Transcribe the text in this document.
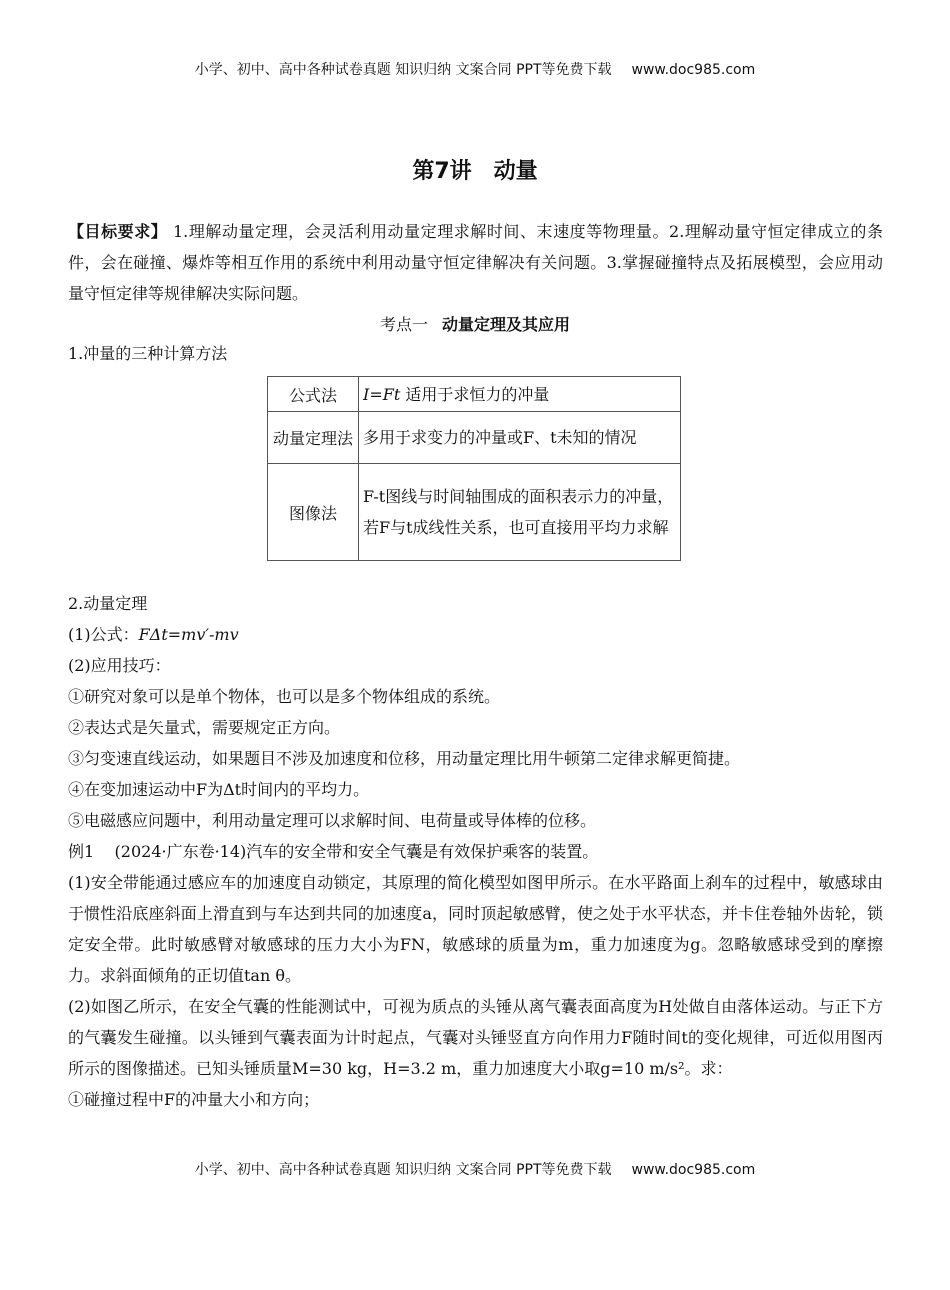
小学、初中、高中各种试卷真题 知识归纳 文案合同 PPT等免费下载 www.doc985.com
第7讲 动量
【目标要求】 1.理解动量定理，会灵活利用动量定理求解时间、末速度等物理量。2.理解动量守恒定律成立的条件，会在碰撞、爆炸等相互作用的系统中利用动量守恒定律解决有关问题。3.掌握碰撞特点及拓展模型，会应用动量守恒定律等规律解决实际问题。
考点一 动量定理及其应用
1.冲量的三种计算方法
公式法	I=Ft 适用于求恒力的冲量
动量定理法	多用于求变力的冲量或F、t未知的情况
图像法	F-t图线与时间轴围成的面积表示力的冲量，若F与t成线性关系，也可直接用平均力求解
2.动量定理
(1)公式：FΔt=mv′-mv
(2)应用技巧：
①研究对象可以是单个物体，也可以是多个物体组成的系统。
②表达式是矢量式，需要规定正方向。
③匀变速直线运动，如果题目不涉及加速度和位移，用动量定理比用牛顿第二定律求解更简捷。
④在变加速运动中F为Δt时间内的平均力。
⑤电磁感应问题中，利用动量定理可以求解时间、电荷量或导体棒的位移。
例1 (2024·广东卷·14)汽车的安全带和安全气囊是有效保护乘客的装置。
(1)安全带能通过感应车的加速度自动锁定，其原理的简化模型如图甲所示。在水平路面上刹车的过程中，敏感球由于惯性沿底座斜面上滑直到与车达到共同的加速度a，同时顶起敏感臂，使之处于水平状态，并卡住卷轴外齿轮，锁定安全带。此时敏感臂对敏感球的压力大小为FN，敏感球的质量为m，重力加速度为g。忽略敏感球受到的摩擦力。求斜面倾角的正切值tan θ。
(2)如图乙所示，在安全气囊的性能测试中，可视为质点的头锤从离气囊表面高度为H处做自由落体运动。与正下方的气囊发生碰撞。以头锤到气囊表面为计时起点，气囊对头锤竖直方向作用力F随时间t的变化规律，可近似用图丙所示的图像描述。已知头锤质量M=30 kg，H=3.2 m，重力加速度大小取g=10 m/s²。求：
①碰撞过程中F的冲量大小和方向；
小学、初中、高中各种试卷真题 知识归纳 文案合同 PPT等免费下载 www.doc985.com
